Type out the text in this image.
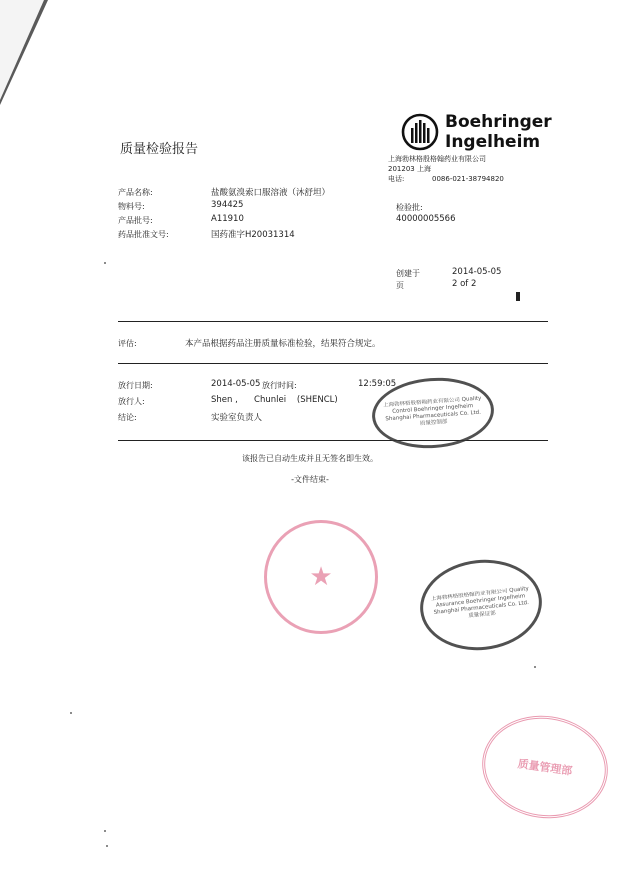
质量检验报告
Boehringer
Ingelheim
上海勃林格殷格翰药业有限公司
201203 上海
电话:	0086-021-38794820
产品名称:	盐酸氨溴索口服溶液（沐舒坦）
物料号:	394425
产品批号:	A11910
药品批准文号:	国药准字H20031314
检验批:
40000005566
创建于	2014-05-05
页	2 of 2
评估:	本产品根据药品注册质量标准检验，结果符合规定。
放行日期:	2014-05-05 放行时间:	12:59:05
放行人:	Shen ,      Chunlei    (SHENCL)
结论:	实验室负责人
上海勃林格殷格翰药业有限公司 Quality Control Boehringer Ingelheim Shanghai Pharmaceuticals Co. Ltd. 质量控制部
该报告已自动生成并且无签名即生效。
-文件结束-
★
上海勃林格殷格翰药业有限公司 Quality Assurance Boehringer Ingelheim Shanghai Pharmaceuticals Co. Ltd. 质量保证部
质量管理部
